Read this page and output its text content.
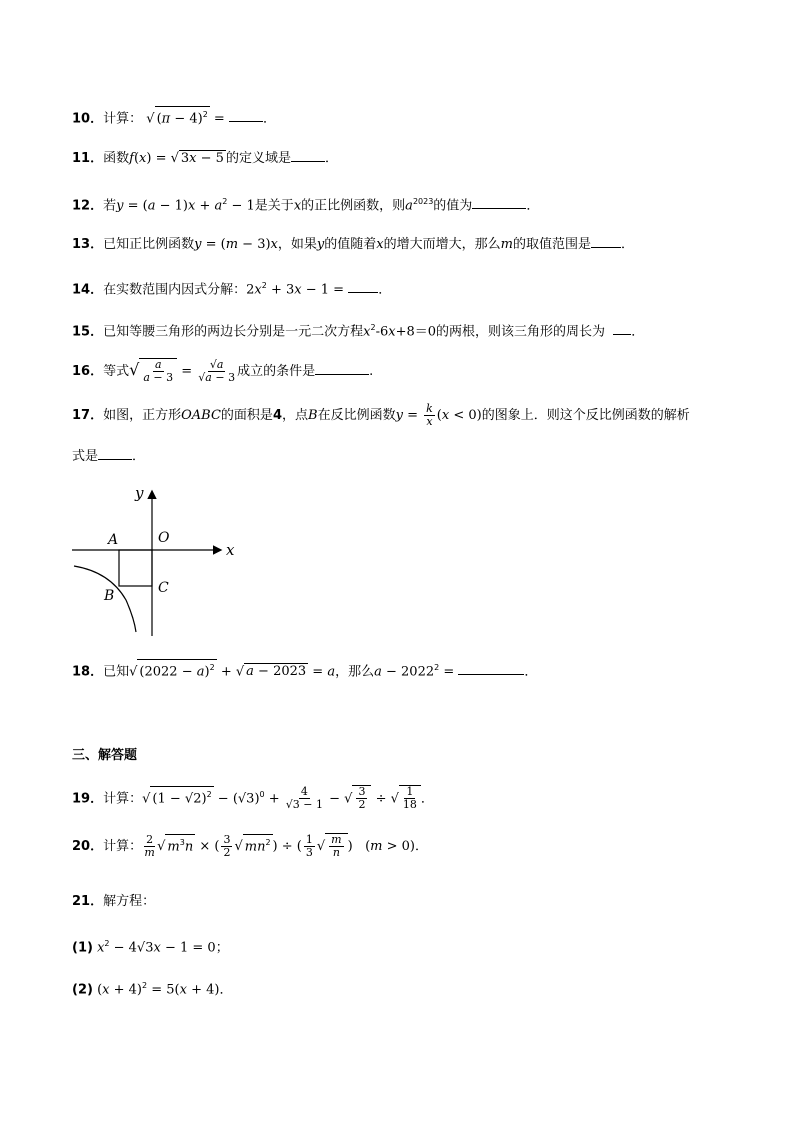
10．计算： √ $(\pi - 4)^2$ =	．
11．函数f(x) = √ 3x − 5 的定义域是	．
12．若$y = (a - 1)x + a^2 - 1$是关于x的正比例函数，则$a^{2023}$的值为	．
13．已知正比例函数y = (m − 3)x，如果y的值随着x的增大而增大，那么m的取值范围是 ．
14．在实数范围内因式分解：$2x^2 + 3x - 1$ = ．
15．已知等腰三角形的两边长分别是一元二次方程$x^2-6x+8=0$的两根，则该三角形的周长为 ．
16．等式√ $\frac{a}{a - 3} = \frac{√a}{√a - 3}$ 成立的条件是	.
17．如图，正方形OABC的面积是4，点B在反比例函数$y = \frac{k}{x} (x < 0)$的图象上．则这个反比例函数的解析
式是	．
x
y
O
A
B	C
18．已知√ $(2022 - a)^2$ + √ a − 2023 = a，那么$a - 2022^2$ =	．
三、解答题
19．计算：√ $(1 - √2)^2 - (√3)^0 + \frac{4}{√3 - 1}$ − √ $\frac{3}{2}$ ÷ √ $\frac{1}{18}$ ．
20．计算： $\frac{2}{m}$ √ $m^3n$ × ( $\frac{3}{2}$ √ $mn^2$ ) ÷ ( $\frac{1}{3}$ √ $\frac{m}{n}$ ) (m > 0)．
21．解方程：
(1) $x^2 - 4√3x - 1 = 0$；
(2) $(x + 4)^2 = 5(x + 4)$．
